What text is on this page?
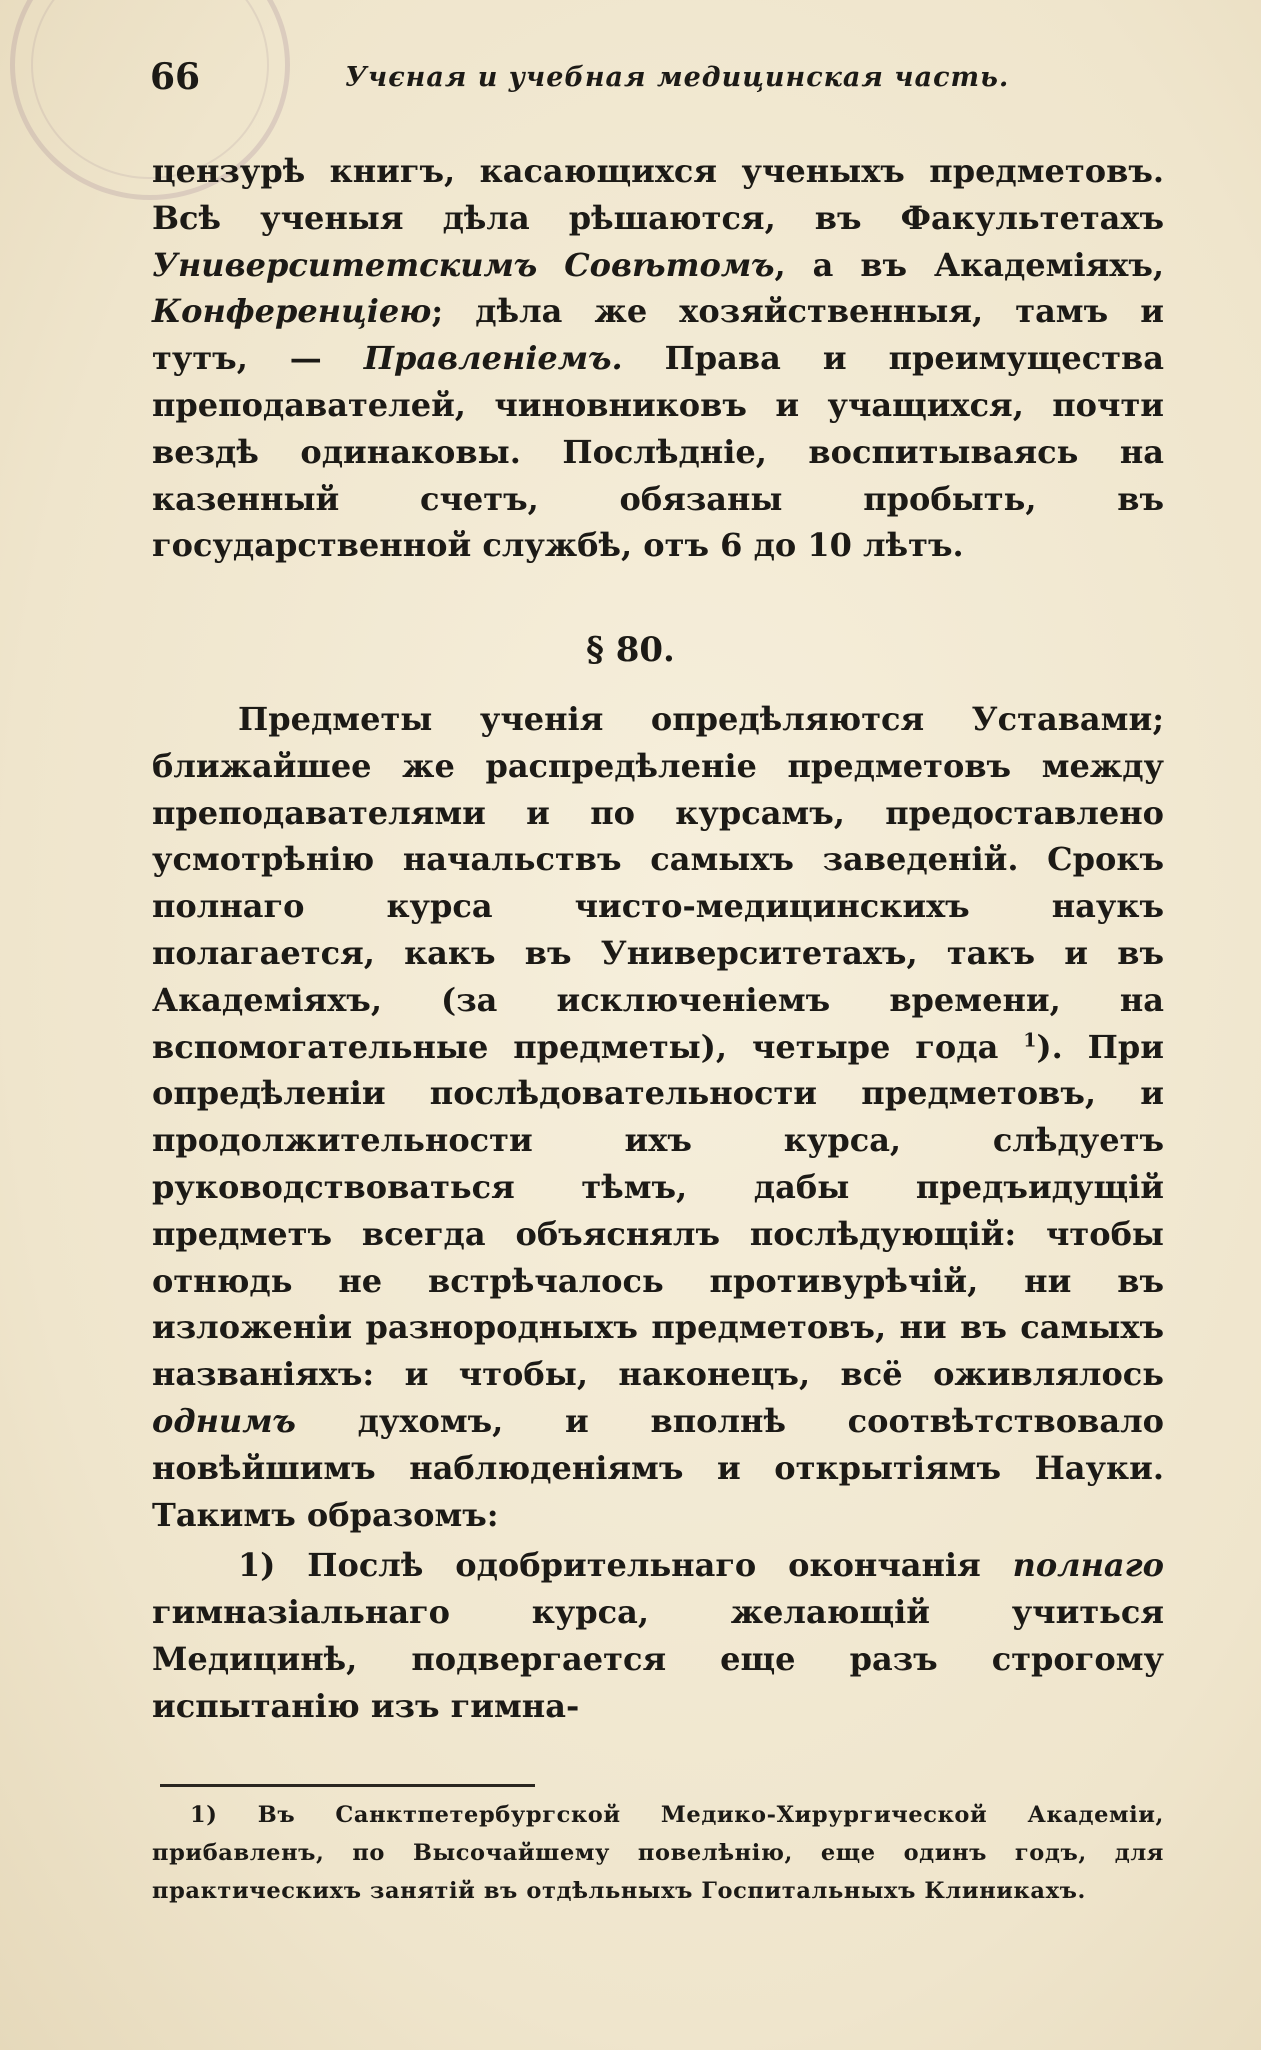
66	Учєная и учебная медицинская часть.

цензурѣ книгъ, касающихся ученыхъ предметовъ. Всѣ ученыя дѣла рѣшаются, въ Факультетахъ Университетскимъ Совѣтомъ, а въ Академіяхъ, Конференціею; дѣла же хозяйственныя, тамъ и тутъ, — Правленіемъ. Права и преимущества преподавателей, чиновниковъ и учащихся, почти вездѣ одинаковы. Послѣдніе, воспитываясь на казенный счетъ, обязаны пробыть, въ государственной службѣ, отъ 6 до 10 лѣтъ.

§ 80.

Предметы ученія опредѣляются Уставами; ближайшее же распредѣленіе предметовъ между преподавателями и по курсамъ, предоставлено усмотрѣнію начальствъ самыхъ заведеній. Срокъ полнаго курса чисто-медицинскихъ наукъ полагается, какъ въ Университетахъ, такъ и въ Академіяхъ, (за исключеніемъ времени, на вспомогательные предметы), четыре года $^1$). При опредѣленіи послѣдовательности предметовъ, и продолжительности ихъ курса, слѣдуетъ руководствоваться тѣмъ, дабы предъидущій предметъ всегда объяснялъ послѣдующій: чтобы отнюдь не встрѣчалось противурѣчій, ни въ изложеніи разнородныхъ предметовъ, ни въ самыхъ названіяхъ: и чтобы, наконецъ, всё оживлялось однимъ духомъ, и вполнѣ соотвѣтствовало новѣйшимъ наблюденіямъ и открытіямъ Науки. Такимъ образомъ:

1) Послѣ одобрительнаго окончанія полнаго гимназіальнаго курса, желающій учиться Медицинѣ, подвергается еще разъ строгому испытанію изъ гимна-

1) Въ Санктпетербургской Медико-Хирургической Академіи, прибавленъ, по Высочайшему повелѣнію, еще одинъ годъ, для практическихъ занятій въ отдѣльныхъ Госпитальныхъ Клиникахъ.
